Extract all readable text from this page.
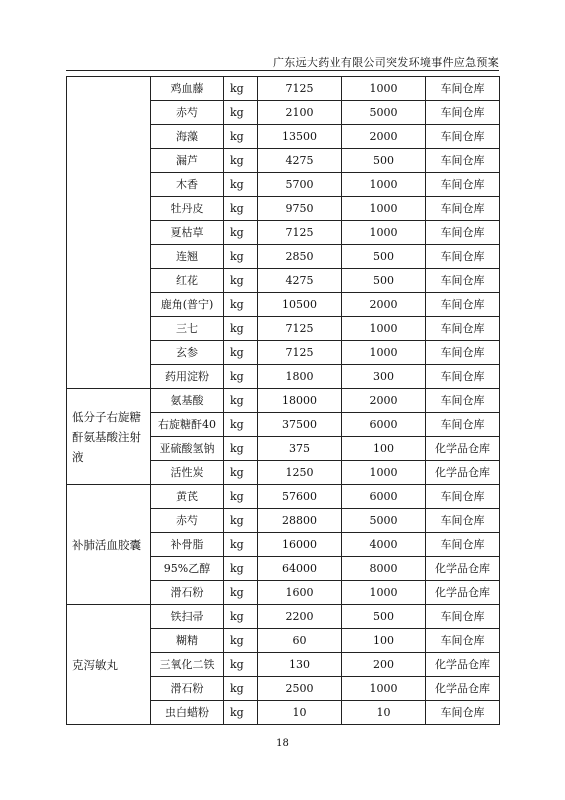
广东远大药业有限公司突发环境事件应急预案
	鸡血藤	kg	7125	1000	车间仓库
	赤芍	kg	2100	5000	车间仓库
	海藻	kg	13500	2000	车间仓库
	漏芦	kg	4275	500	车间仓库
	木香	kg	5700	1000	车间仓库
	牡丹皮	kg	9750	1000	车间仓库
	夏枯草	kg	7125	1000	车间仓库
	连翘	kg	2850	500	车间仓库
	红花	kg	4275	500	车间仓库
	鹿角(普宁)	kg	10500	2000	车间仓库
	三七	kg	7125	1000	车间仓库
	玄参	kg	7125	1000	车间仓库
	药用淀粉	kg	1800	300	车间仓库
低分子右旋糖酐氨基酸注射液	氨基酸	kg	18000	2000	车间仓库
	右旋糖酐40	kg	37500	6000	车间仓库
	亚硫酸氢钠	kg	375	100	化学品仓库
	活性炭	kg	1250	1000	化学品仓库
补肺活血胶囊	黄芪	kg	57600	6000	车间仓库
	赤芍	kg	28800	5000	车间仓库
	补骨脂	kg	16000	4000	车间仓库
	95%乙醇	kg	64000	8000	化学品仓库
	滑石粉	kg	1600	1000	化学品仓库
克泻敏丸	铁扫帚	kg	2200	500	车间仓库
	糊精	kg	60	100	车间仓库
	三氧化二铁	kg	130	200	化学品仓库
	滑石粉	kg	2500	1000	化学品仓库
	虫白蜡粉	kg	10	10	车间仓库
18
